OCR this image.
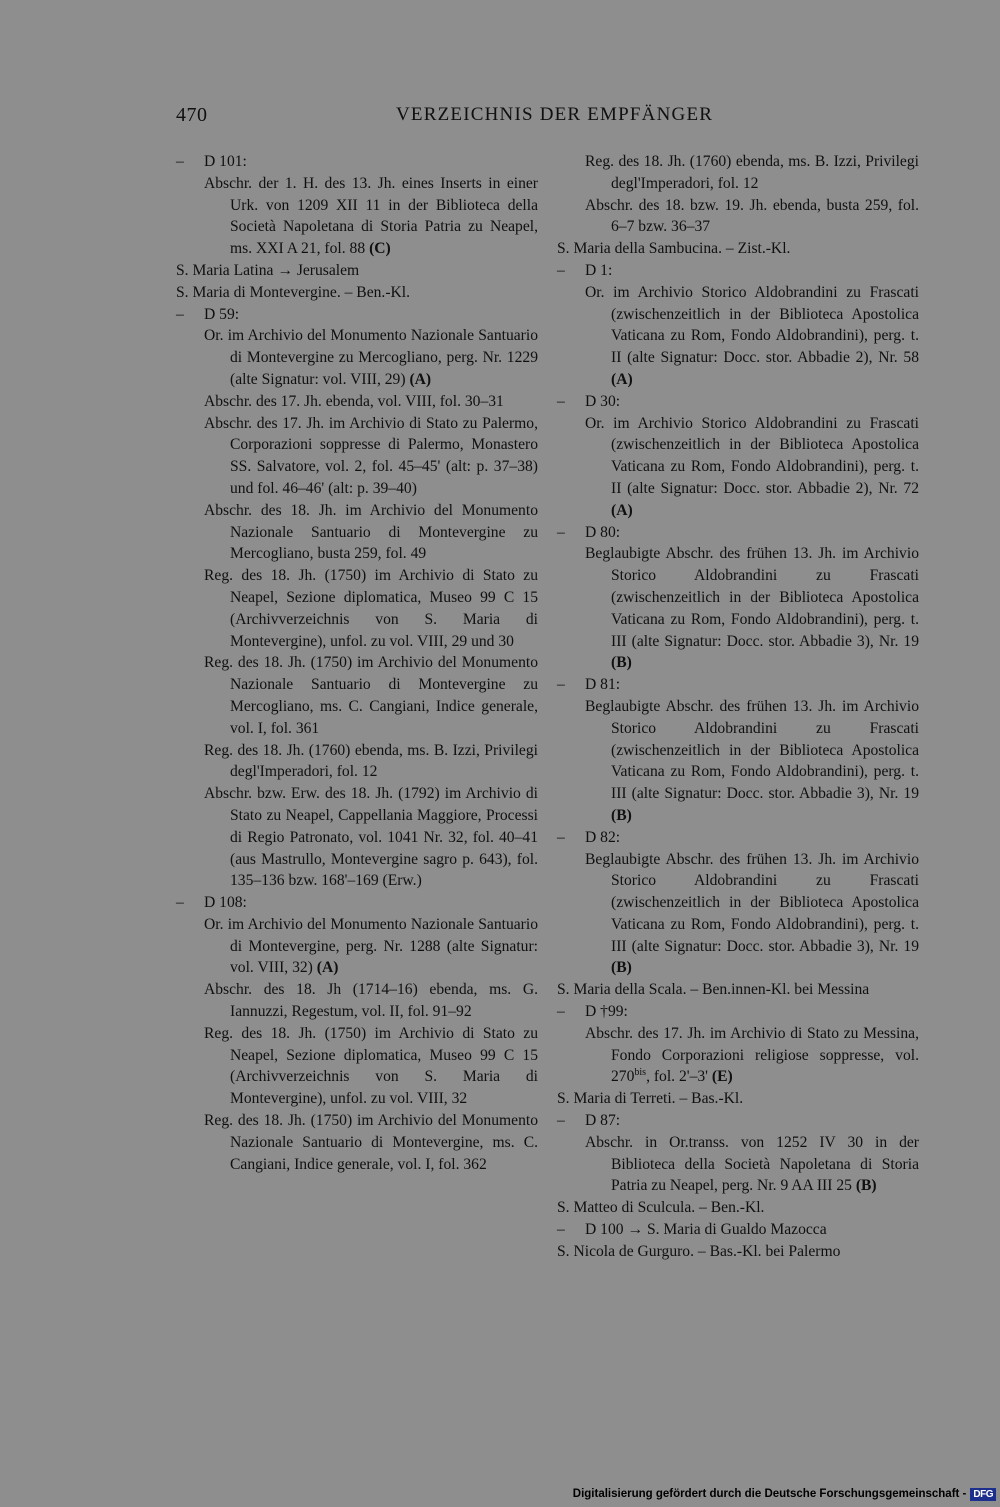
470	VERZEICHNIS DER EMPFÄNGER

– D 101:

Abschr. der 1. H. des 13. Jh. eines Inserts in einer Urk. von 1209 XII 11 in der Biblioteca della Società Napoletana di Storia Patria zu Neapel, ms. XXI A 21, fol. 88 (C)

S. Maria Latina → Jerusalem

S. Maria di Montevergine. – Ben.-Kl.

– D 59:

Or. im Archivio del Monumento Nazionale Santuario di Montevergine zu Mercogliano, perg. Nr. 1229 (alte Signatur: vol. VIII, 29) (A)

Abschr. des 17. Jh. ebenda, vol. VIII, fol. 30–31

Abschr. des 17. Jh. im Archivio di Stato zu Palermo, Corporazioni soppresse di Palermo, Monastero SS. Salvatore, vol. 2, fol. 45–45' (alt: p. 37–38) und fol. 46–46' (alt: p. 39–40)

Abschr. des 18. Jh. im Archivio del Monumento Nazionale Santuario di Montevergine zu Mercogliano, busta 259, fol. 49

Reg. des 18. Jh. (1750) im Archivio di Stato zu Neapel, Sezione diplomatica, Museo 99 C 15 (Archivverzeichnis von S. Maria di Montevergine), unfol. zu vol. VIII, 29 und 30

Reg. des 18. Jh. (1750) im Archivio del Monumento Nazionale Santuario di Montevergine zu Mercogliano, ms. C. Cangiani, Indice generale, vol. I, fol. 361

Reg. des 18. Jh. (1760) ebenda, ms. B. Izzi, Privilegi degl'Imperadori, fol. 12

Abschr. bzw. Erw. des 18. Jh. (1792) im Archivio di Stato zu Neapel, Cappellania Maggiore, Processi di Regio Patronato, vol. 1041 Nr. 32, fol. 40–41 (aus Mastrullo, Montevergine sagro p. 643), fol. 135–136 bzw. 168'–169 (Erw.)

– D 108:

Or. im Archivio del Monumento Nazionale Santuario di Montevergine, perg. Nr. 1288 (alte Signatur: vol. VIII, 32) (A)

Abschr. des 18. Jh (1714–16) ebenda, ms. G. Iannuzzi, Regestum, vol. II, fol. 91–92

Reg. des 18. Jh. (1750) im Archivio di Stato zu Neapel, Sezione diplomatica, Museo 99 C 15 (Archivverzeichnis von S. Maria di Montevergine), unfol. zu vol. VIII, 32

Reg. des 18. Jh. (1750) im Archivio del Monumento Nazionale Santuario di Montevergine, ms. C. Cangiani, Indice generale, vol. I, fol. 362

Reg. des 18. Jh. (1760) ebenda, ms. B. Izzi, Privilegi degl'Imperadori, fol. 12

Abschr. des 18. bzw. 19. Jh. ebenda, busta 259, fol. 6–7 bzw. 36–37

S. Maria della Sambucina. – Zist.-Kl.

– D 1:

Or. im Archivio Storico Aldobrandini zu Frascati (zwischenzeitlich in der Biblioteca Apostolica Vaticana zu Rom, Fondo Aldobrandini), perg. t. II (alte Signatur: Docc. stor. Abbadie 2), Nr. 58 (A)

– D 30:

Or. im Archivio Storico Aldobrandini zu Frascati (zwischenzeitlich in der Biblioteca Apostolica Vaticana zu Rom, Fondo Aldobrandini), perg. t. II (alte Signatur: Docc. stor. Abbadie 2), Nr. 72 (A)

– D 80:

Beglaubigte Abschr. des frühen 13. Jh. im Archivio Storico Aldobrandini zu Frascati (zwischenzeitlich in der Biblioteca Apostolica Vaticana zu Rom, Fondo Aldobrandini), perg. t. III (alte Signatur: Docc. stor. Abbadie 3), Nr. 19 (B)

– D 81:

Beglaubigte Abschr. des frühen 13. Jh. im Archivio Storico Aldobrandini zu Frascati (zwischenzeitlich in der Biblioteca Apostolica Vaticana zu Rom, Fondo Aldobrandini), perg. t. III (alte Signatur: Docc. stor. Abbadie 3), Nr. 19 (B)

– D 82:

Beglaubigte Abschr. des frühen 13. Jh. im Archivio Storico Aldobrandini zu Frascati (zwischenzeitlich in der Biblioteca Apostolica Vaticana zu Rom, Fondo Aldobrandini), perg. t. III (alte Signatur: Docc. stor. Abbadie 3), Nr. 19 (B)

S. Maria della Scala. – Ben.innen-Kl. bei Messina

– D †99:

Abschr. des 17. Jh. im Archivio di Stato zu Messina, Fondo Corporazioni religiose soppresse, vol. $270^{bis}$, fol. 2'–3' (E)

S. Maria di Terreti. – Bas.-Kl.

– D 87:

Abschr. in Or.transs. von 1252 IV 30 in der Biblioteca della Società Napoletana di Storia Patria zu Neapel, perg. Nr. 9 AA III 25 (B)

S. Matteo di Sculcula. – Ben.-Kl.

– D 100 → S. Maria di Gualdo Mazocca

S. Nicola de Gurguro. – Bas.-Kl. bei Palermo

Digitalisierung gefördert durch die Deutsche Forschungsgemeinschaft - DFG
